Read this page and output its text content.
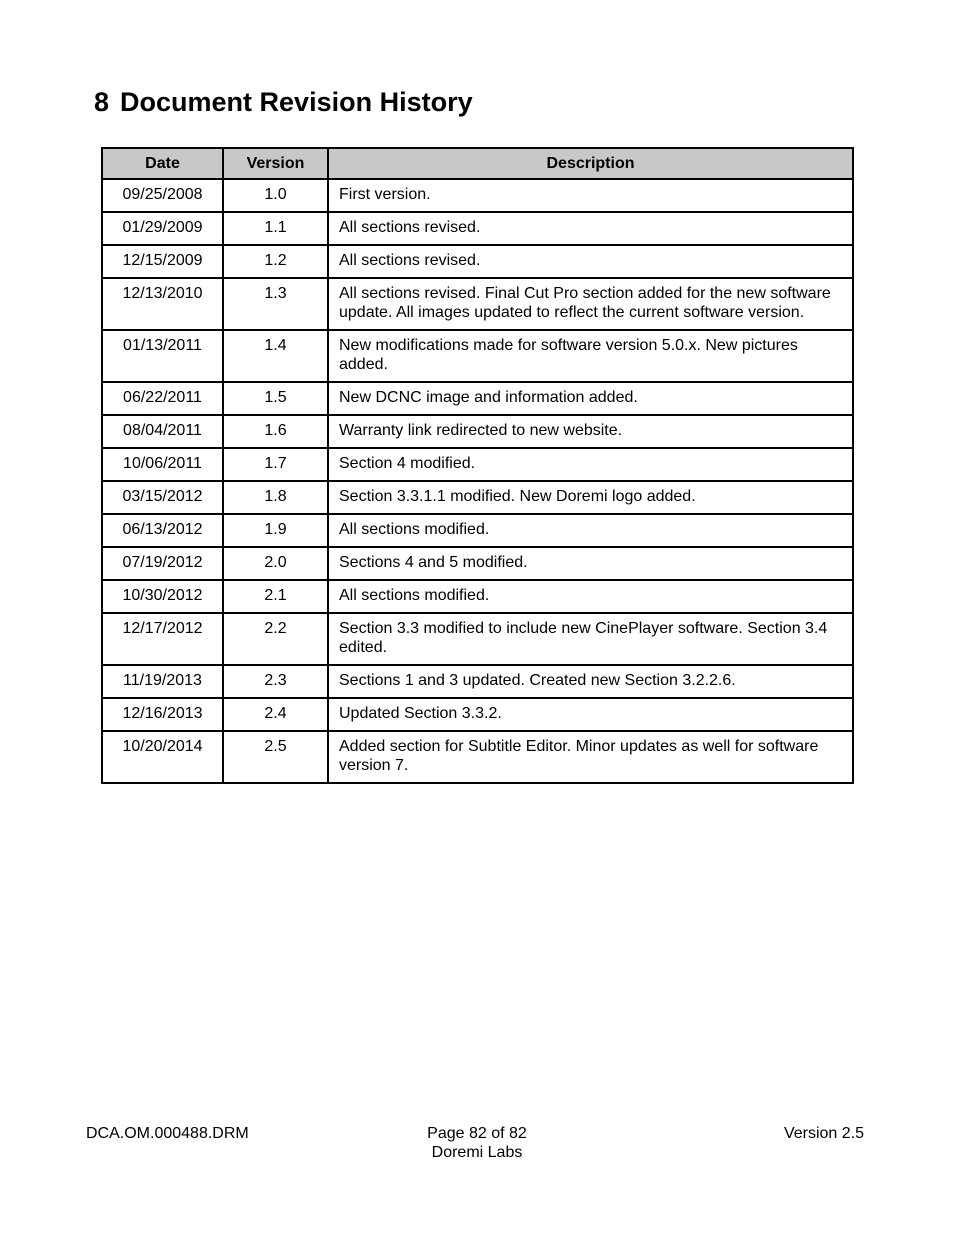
8 Document Revision History
Date	Version	Description
09/25/2008	1.0	First version.
01/29/2009	1.1	All sections revised.
12/15/2009	1.2	All sections revised.
12/13/2010	1.3	All sections revised. Final Cut Pro section added for the new software update. All images updated to reflect the current software version.
01/13/2011	1.4	New modifications made for software version 5.0.x. New pictures added.
06/22/2011	1.5	New DCNC image and information added.
08/04/2011	1.6	Warranty link redirected to new website.
10/06/2011	1.7	Section 4 modified.
03/15/2012	1.8	Section 3.3.1.1 modified. New Doremi logo added.
06/13/2012	1.9	All sections modified.
07/19/2012	2.0	Sections 4 and 5 modified.
10/30/2012	2.1	All sections modified.
12/17/2012	2.2	Section 3.3 modified to include new CinePlayer software. Section 3.4 edited.
11/19/2013	2.3	Sections 1 and 3 updated. Created new Section 3.2.2.6.
12/16/2013	2.4	Updated Section 3.3.2.
10/20/2014	2.5	Added section for Subtitle Editor. Minor updates as well for software version 7.
DCA.OM.000488.DRM	Page 82 of 82
Doremi Labs
Version 2.5
